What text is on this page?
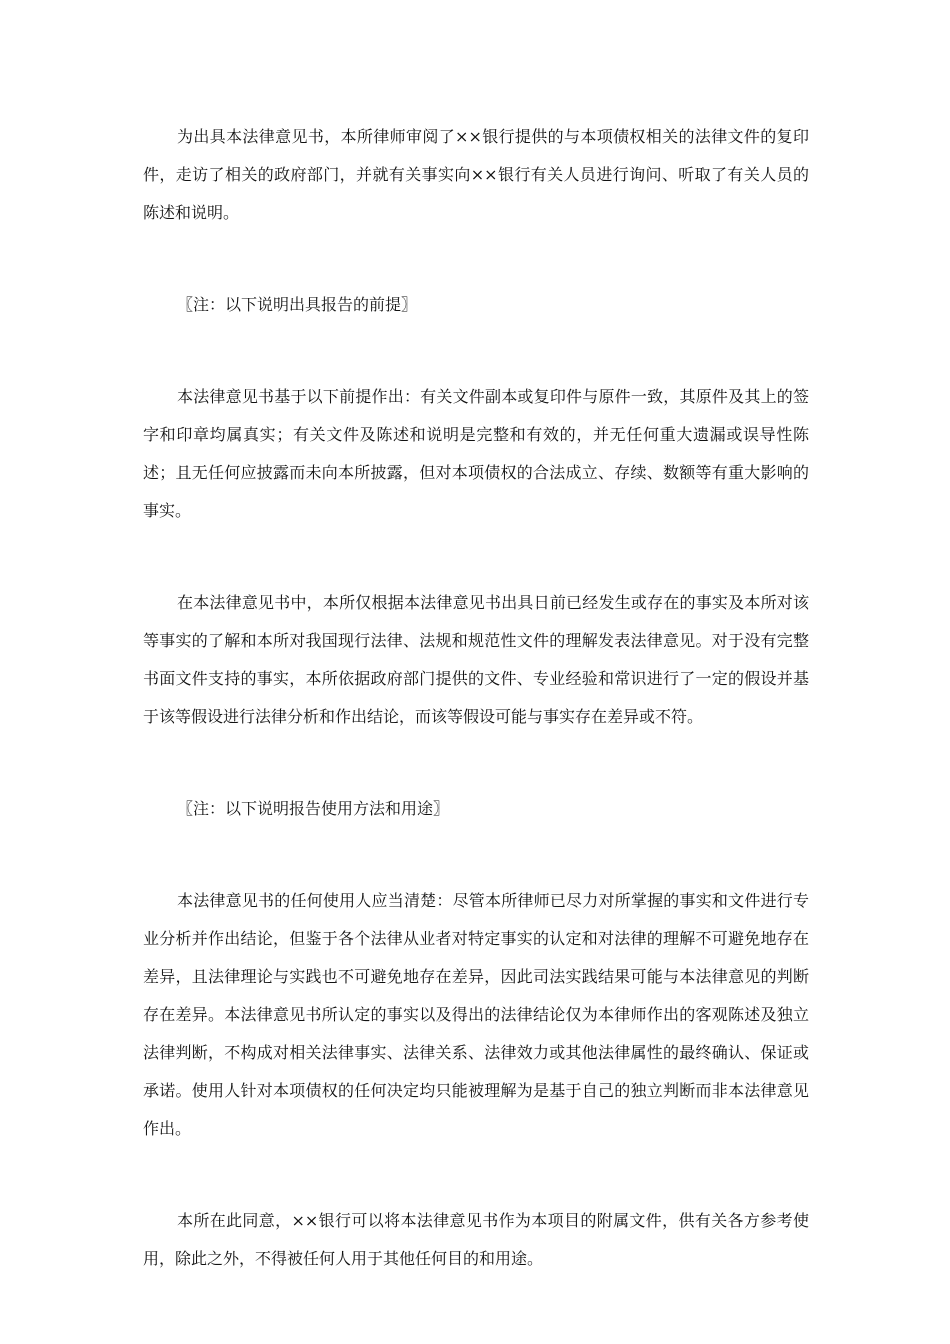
为出具本法律意见书，本所律师审阅了××银行提供的与本项债权相关的法律文件的复印件，走访了相关的政府部门，并就有关事实向××银行有关人员进行询问、听取了有关人员的陈述和说明。

〖注：以下说明出具报告的前提〗

本法律意见书基于以下前提作出：有关文件副本或复印件与原件一致，其原件及其上的签字和印章均属真实；有关文件及陈述和说明是完整和有效的，并无任何重大遗漏或误导性陈述；且无任何应披露而未向本所披露，但对本项债权的合法成立、存续、数额等有重大影响的事实。

在本法律意见书中，本所仅根据本法律意见书出具日前已经发生或存在的事实及本所对该等事实的了解和本所对我国现行法律、法规和规范性文件的理解发表法律意见。对于没有完整书面文件支持的事实，本所依据政府部门提供的文件、专业经验和常识进行了一定的假设并基于该等假设进行法律分析和作出结论，而该等假设可能与事实存在差异或不符。

〖注：以下说明报告使用方法和用途〗

本法律意见书的任何使用人应当清楚：尽管本所律师已尽力对所掌握的事实和文件进行专业分析并作出结论，但鉴于各个法律从业者对特定事实的认定和对法律的理解不可避免地存在差异，且法律理论与实践也不可避免地存在差异，因此司法实践结果可能与本法律意见的判断存在差异。本法律意见书所认定的事实以及得出的法律结论仅为本律师作出的客观陈述及独立法律判断，不构成对相关法律事实、法律关系、法律效力或其他法律属性的最终确认、保证或承诺。使用人针对本项债权的任何决定均只能被理解为是基于自己的独立判断而非本法律意见作出。

本所在此同意，××银行可以将本法律意见书作为本项目的附属文件，供有关各方参考使用，除此之外，不得被任何人用于其他任何目的和用途。
